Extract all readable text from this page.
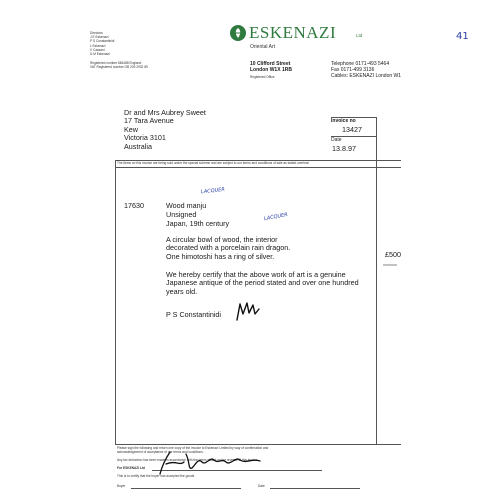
41
Directors
J E Eskenazi
P S Constantinidi
L Eskenazi
V Cassani
D M Eskenazi
Registered number 684488 England
VAT Registered number GB 239 2932 89
ESKENAZI	Ltd
Oriental Art
10 Clifford Street
London W1X 1RB
Registered Office
Telephone 0171-493 5464
Fax 0171-499 3136
Cables: ESKENAZI London W1
Dr and Mrs Aubrey Sweet
17 Tara Avenue
Kew
Victoria 3101
Australia
Invoice no
13427
Date
13.8.97
The items on this invoice are being sold under the special scheme and are subject to our terms and conditions of sale as stated overleaf.
17630
LACQUER
Wood manju
Unsigned	LACQUER
Japan, 19th century
A circular bowl of wood, the interior
decorated with a porcelain rain dragon.
One himotoshi has a ring of silver.
We hereby certify that the above work of art is a genuine
Japanese antique of the period stated and over one hundred
years old.
P S Constantinidi
£500
xxxxxxx
Please sign the following and return one copy of the invoice to Eskenazi Limited by way of confirmation and
acknowledgement of acceptance of our terms and conditions.
Any tax deduction has been made in accordance with the terms stated on the reverse of this invoice.
For ESKENAZI Ltd
This is to certify that the buyer has accepted the goods
Buyer	Date
